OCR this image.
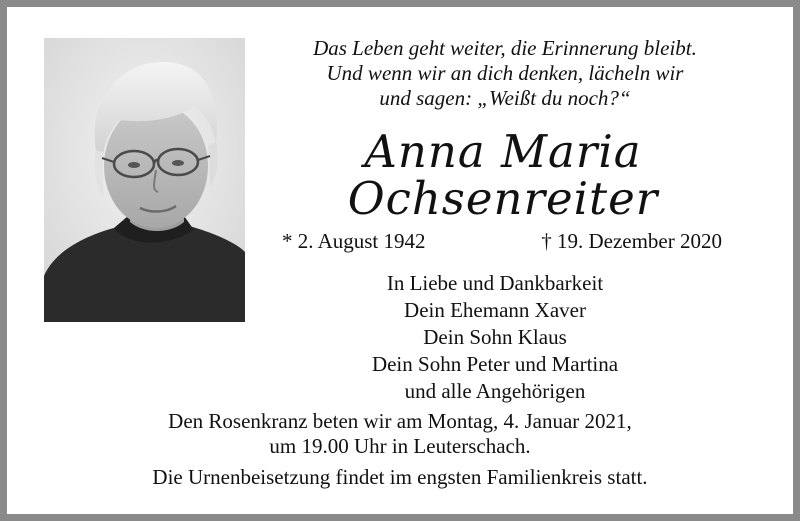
Das Leben geht weiter, die Erinnerung bleibt.
Und wenn wir an dich denken, lächeln wir
und sagen: „Weißt du noch?“
Anna Maria
Ochsenreiter
* 2. August 1942	† 19. Dezember 2020
In Liebe und Dankbarkeit
Dein Ehemann Xaver
Dein Sohn Klaus
Dein Sohn Peter und Martina
und alle Angehörigen
Den Rosenkranz beten wir am Montag, 4. Januar 2021,
um 19.00 Uhr in Leuterschach.
Die Urnenbeisetzung findet im engsten Familienkreis statt.
